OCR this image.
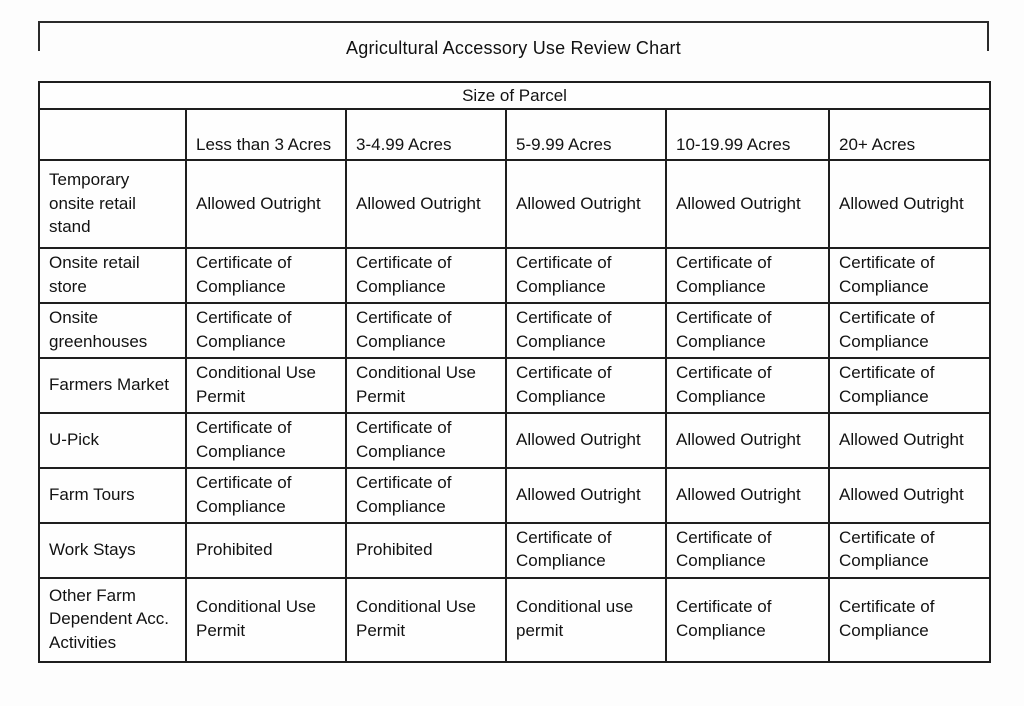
Agricultural Accessory Use Review Chart
Size of Parcel					
	Less than 3 Acres	3-4.99 Acres	5-9.99 Acres	10-19.99 Acres	20+ Acres
Temporary onsite retail stand	Allowed Outright	Allowed Outright	Allowed Outright	Allowed Outright	Allowed Outright
Onsite retail store	Certificate of Compliance	Certificate of Compliance	Certificate of Compliance	Certificate of Compliance	Certificate of Compliance
Onsite greenhouses	Certificate of Compliance	Certificate of Compliance	Certificate of Compliance	Certificate of Compliance	Certificate of Compliance
Farmers Market	Conditional Use Permit	Conditional Use Permit	Certificate of Compliance	Certificate of Compliance	Certificate of Compliance
U-Pick	Certificate of Compliance	Certificate of Compliance	Allowed Outright	Allowed Outright	Allowed Outright
Farm Tours	Certificate of Compliance	Certificate of Compliance	Allowed Outright	Allowed Outright	Allowed Outright
Work Stays	Prohibited	Prohibited	Certificate of Compliance	Certificate of Compliance	Certificate of Compliance
Other Farm Dependent Acc. Activities	Conditional Use Permit	Conditional Use Permit	Conditional use permit	Certificate of Compliance	Certificate of Compliance
